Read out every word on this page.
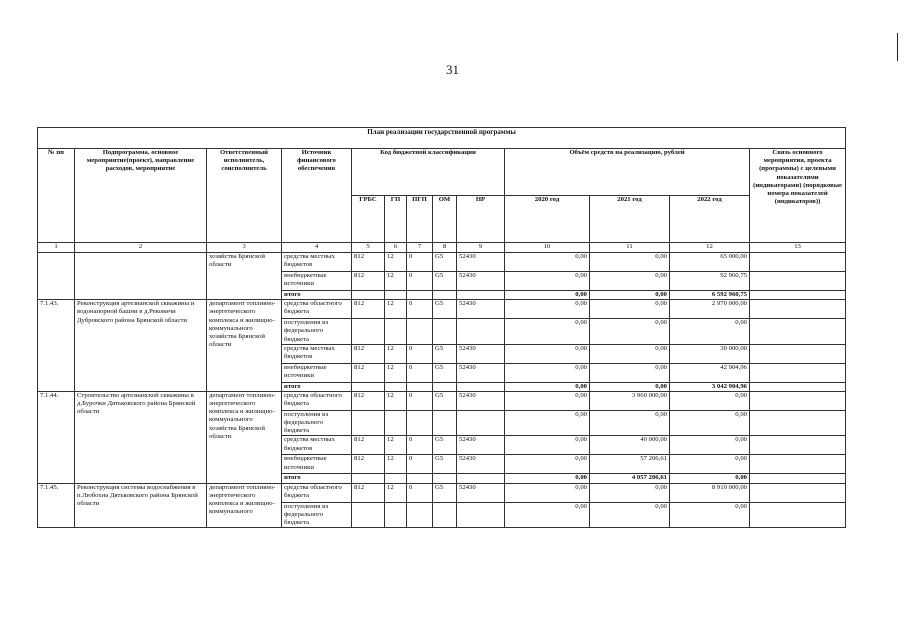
31
План реализации государственной программы												
№ пп	Подпрограмма, основное мероприятие(проект), направление расходов, мероприятие	Ответственный исполнитель, соисполнитель	Источник финансового обеспечения	Код бюджетной классификации					Объём средств на реализацию, рублей			Связь основного мероприятия, проекта (программы) с целевыми показателями (индикаторами) (порядковые номера показателей (индикаторов))
				ГРБС	ГП	ПГП	ОМ	НР	2020 год	2021 год	2022 год	
1	2	3	4	5	6	7	8	9	10	11	12	13
		хозяйства Брянской области	средства местных бюджетов	812	12	0	G5	52430	0,00	0,00	65 000,00	
			внебюджетные источники	812	12	0	G5	52430	0,00	0,00	92 960,75	
			итого						0,00	0,00	6 592 960,75	
7.1.43.	Реконструкция артезианской скважины и водонапорной башни в д.Рековичи Дубровского района Брянской области	департамент топливно-энергетического комплекса и жилищно-коммунального хозяйства Брянской области	средства областного бюджета	812	12	0	G5	52430	0,00	0,00	2 970 000,00	
			поступления из федерального бюджета						0,00	0,00	0,00	
			средства местных бюджетов	812	12	0	G5	52430	0,00	0,00	30 000,00	
			внебюджетные источники	812	12	0	G5	52430	0,00	0,00	42 904,96	
			итого						0,00	0,00	3 042 904,96	
7.1.44.	Строительство артезианской скважины в д.Бурочки Дятьковского района Брянской области	департамент топливно-энергетического комплекса и жилищно-коммунального хозяйства Брянской области	средства областного бюджета	812	12	0	G5	52430	0,00	3 960 000,00	0,00	
			поступления из федерального бюджета						0,00	0,00	0,00	
			средства местных бюджетов	812	12	0	G5	52430	0,00	40 000,00	0,00	
			внебюджетные источники	812	12	0	G5	52430	0,00	57 206,61	0,00	
			итого						0,00	4 057 206,61	0,00	
7.1.45.	Реконструкция системы водоснабжения в п.Любохна Дятьковского района Брянской области	департамент топливно-энергетического комплекса и жилищно-коммунального	средства областного бюджета	812	12	0	G5	52430	0,00	0,00	8 910 000,00	
			поступления из федерального бюджета						0,00	0,00	0,00	
